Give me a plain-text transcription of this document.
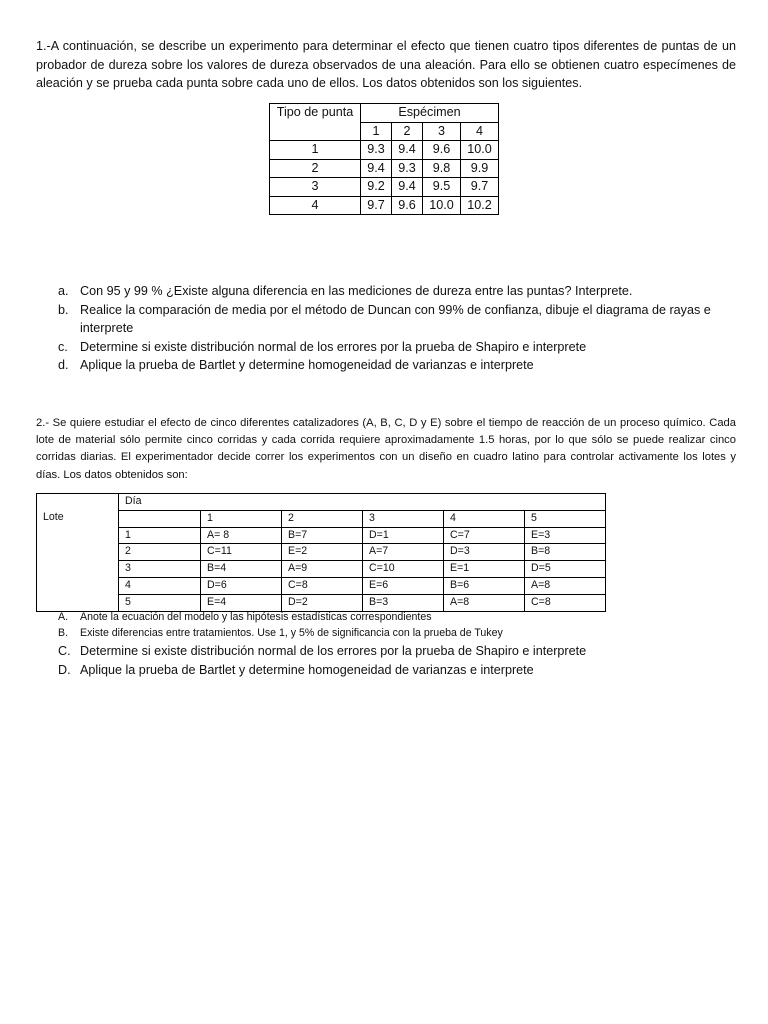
1.-A continuación, se describe un experimento para determinar el efecto que tienen cuatro tipos diferentes de puntas de un probador de dureza sobre los valores de dureza observados de una aleación. Para ello se obtienen cuatro especímenes de aleación y se prueba cada punta sobre cada uno de ellos. Los datos obtenidos son los siguientes.

Tipo de punta	Espécimen			
	1	2	3	4
1	9.3	9.4	9.6	10.0
2	9.4	9.3	9.8	9.9
3	9.2	9.4	9.5	9.7
4	9.7	9.6	10.0	10.2
a. Con 95 y 99 % ¿Existe alguna diferencia en las mediciones de dureza entre las puntas? Interprete.
b. Realice la comparación de media por el método de Duncan con 99% de confianza, dibuje el diagrama de rayas e interprete
c. Determine si existe distribución normal de los errores por la prueba de Shapiro e interprete
d. Aplique la prueba de Bartlet y determine homogeneidad de varianzas e interprete

2.- Se quiere estudiar el efecto de cinco diferentes catalizadores (A, B, C, D y E) sobre el tiempo de reacción de un proceso químico. Cada lote de material sólo permite cinco corridas y cada corrida requiere aproximadamente 1.5 horas, por lo que sólo se puede realizar cinco corridas diarias. El experimentador decide correr los experimentos con un diseño en cuadro latino para controlar activamente los lotes y días. Los datos obtenidos son:

	Día					
Lote		1	2	3	4	5
	1	A= 8	B=7	D=1	C=7	E=3
	2	C=11	E=2	A=7	D=3	B=8
	3	B=4	A=9	C=10	E=1	D=5
	4	D=6	C=8	E=6	B=6	A=8
	5	E=4	D=2	B=3	A=8	C=8
A. Anote la ecuación del modelo y las hipótesis estadísticas correspondientes
B. Existe diferencias entre tratamientos. Use 1, y 5% de significancia con la prueba de Tukey
C. Determine si existe distribución normal de los errores por la prueba de Shapiro e interprete
D. Aplique la prueba de Bartlet y determine homogeneidad de varianzas e interprete
